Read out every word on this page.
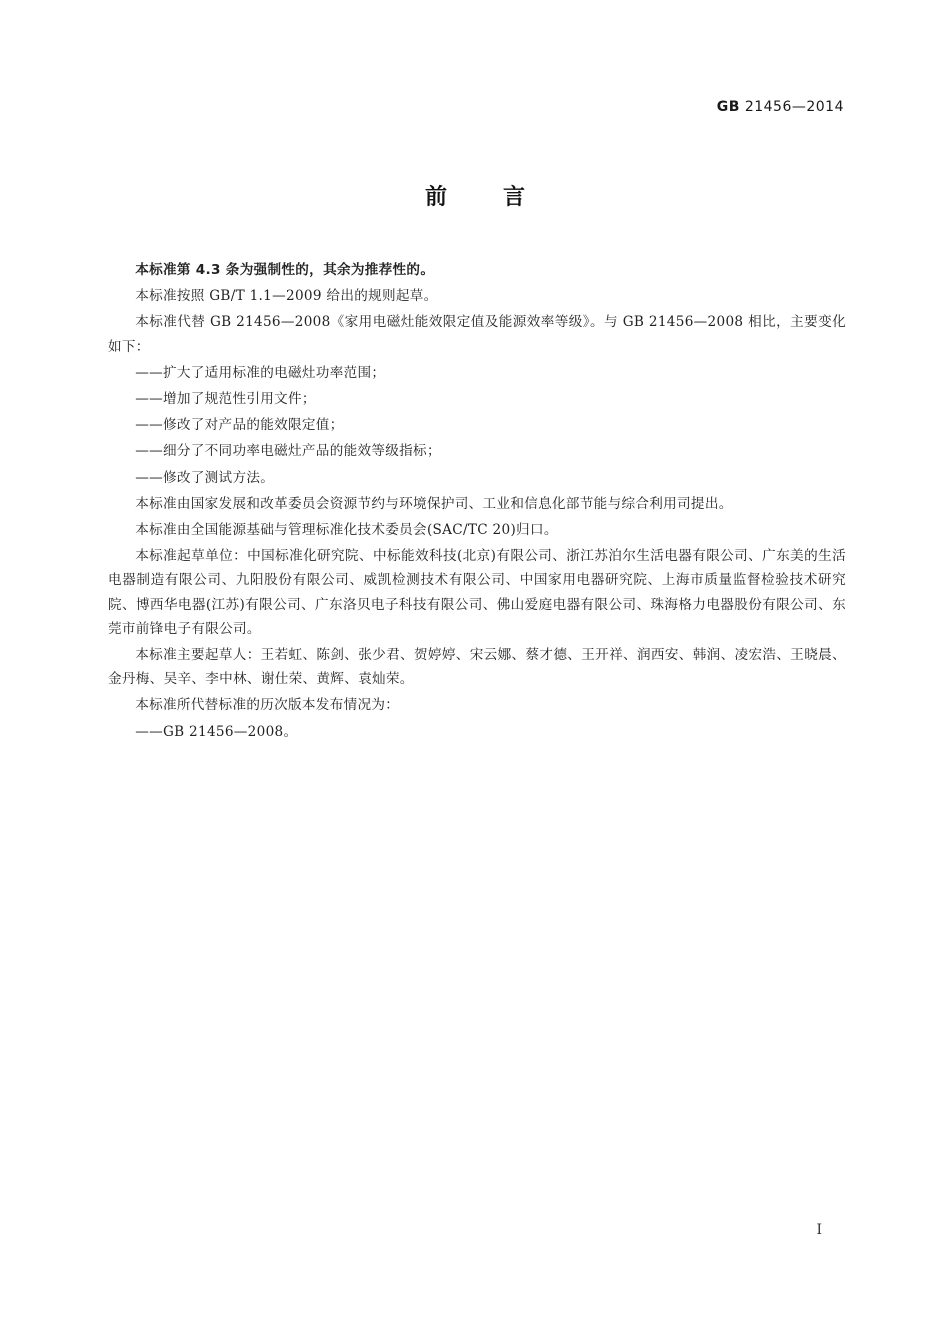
GB 21456—2014
前言

本标准第 4.3 条为强制性的，其余为推荐性的。

本标准按照 GB/T 1.1—2009 给出的规则起草。

本标准代替 GB 21456—2008《家用电磁灶能效限定值及能源效率等级》。与 GB 21456—2008 相比，主要变化如下：

——扩大了适用标准的电磁灶功率范围；

——增加了规范性引用文件；

——修改了对产品的能效限定值；

——细分了不同功率电磁灶产品的能效等级指标；

——修改了测试方法。

本标准由国家发展和改革委员会资源节约与环境保护司、工业和信息化部节能与综合利用司提出。

本标准由全国能源基础与管理标准化技术委员会(SAC/TC 20)归口。

本标准起草单位：中国标准化研究院、中标能效科技(北京)有限公司、浙江苏泊尔生活电器有限公司、广东美的生活电器制造有限公司、九阳股份有限公司、威凯检测技术有限公司、中国家用电器研究院、上海市质量监督检验技术研究院、博西华电器(江苏)有限公司、广东洛贝电子科技有限公司、佛山爱庭电器有限公司、珠海格力电器股份有限公司、东莞市前锋电子有限公司。

本标准主要起草人：王若虹、陈剑、张少君、贺婷婷、宋云娜、蔡才德、王开祥、润西安、韩润、凌宏浩、王晓晨、金丹梅、吴辛、李中林、谢仕荣、黄辉、袁灿荣。

本标准所代替标准的历次版本发布情况为：

——GB 21456—2008。

I
